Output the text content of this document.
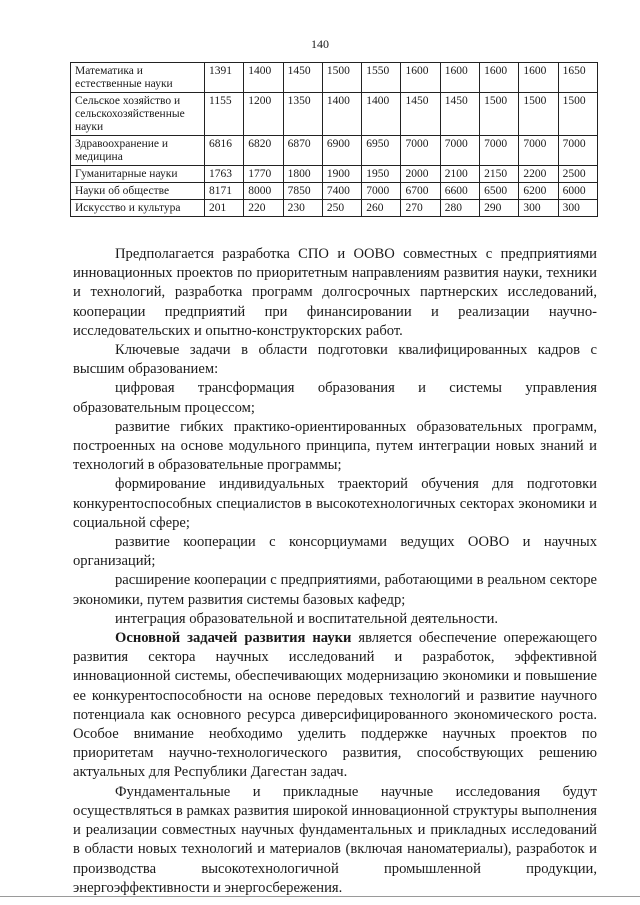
140
Математика и естественные науки	1391	1400	1450	1500	1550	1600	1600	1600	1600	1650
Сельское хозяйство и сельскохозяйственные науки	1155	1200	1350	1400	1400	1450	1450	1500	1500	1500
Здравоохранение и медицина	6816	6820	6870	6900	6950	7000	7000	7000	7000	7000
Гуманитарные науки	1763	1770	1800	1900	1950	2000	2100	2150	2200	2500
Науки об обществе	8171	8000	7850	7400	7000	6700	6600	6500	6200	6000
Искусство и культура	201	220	230	250	260	270	280	290	300	300

Предполагается разработка СПО и ООВО совместных с предприятиями инновационных проектов по приоритетным направлениям развития науки, техники и технологий, разработка программ долгосрочных партнерских исследований, кооперации предприятий при финансировании и реализации научно-исследовательских и опытно-конструкторских работ.

Ключевые задачи в области подготовки квалифицированных кадров с высшим образованием:

цифровая трансформация образования и системы управления образовательным процессом;

развитие гибких практико-ориентированных образовательных программ, построенных на основе модульного принципа, путем интеграции новых знаний и технологий в образовательные программы;

формирование индивидуальных траекторий обучения для подготовки конкурентоспособных специалистов в высокотехнологичных секторах экономики и социальной сфере;

развитие кооперации с консорциумами ведущих ООВО и научных организаций;

расширение кооперации с предприятиями, работающими в реальном секторе экономики, путем развития системы базовых кафедр;

интеграция образовательной и воспитательной деятельности.

Основной задачей развития науки является обеспечение опережающего развития сектора научных исследований и разработок, эффективной инновационной системы, обеспечивающих модернизацию экономики и повышение ее конкурентоспособности на основе передовых технологий и развитие научного потенциала как основного ресурса диверсифицированного экономического роста. Особое внимание необходимо уделить поддержке научных проектов по приоритетам научно-технологического развития, способствующих решению актуальных для Республики Дагестан задач.

Фундаментальные и прикладные научные исследования будут осуществляться в рамках развития широкой инновационной структуры выполнения и реализации совместных научных фундаментальных и прикладных исследований в области новых технологий и материалов (включая наноматериалы), разработок и производства высокотехнологичной промышленной продукции, энергоэффективности и энергосбережения.
